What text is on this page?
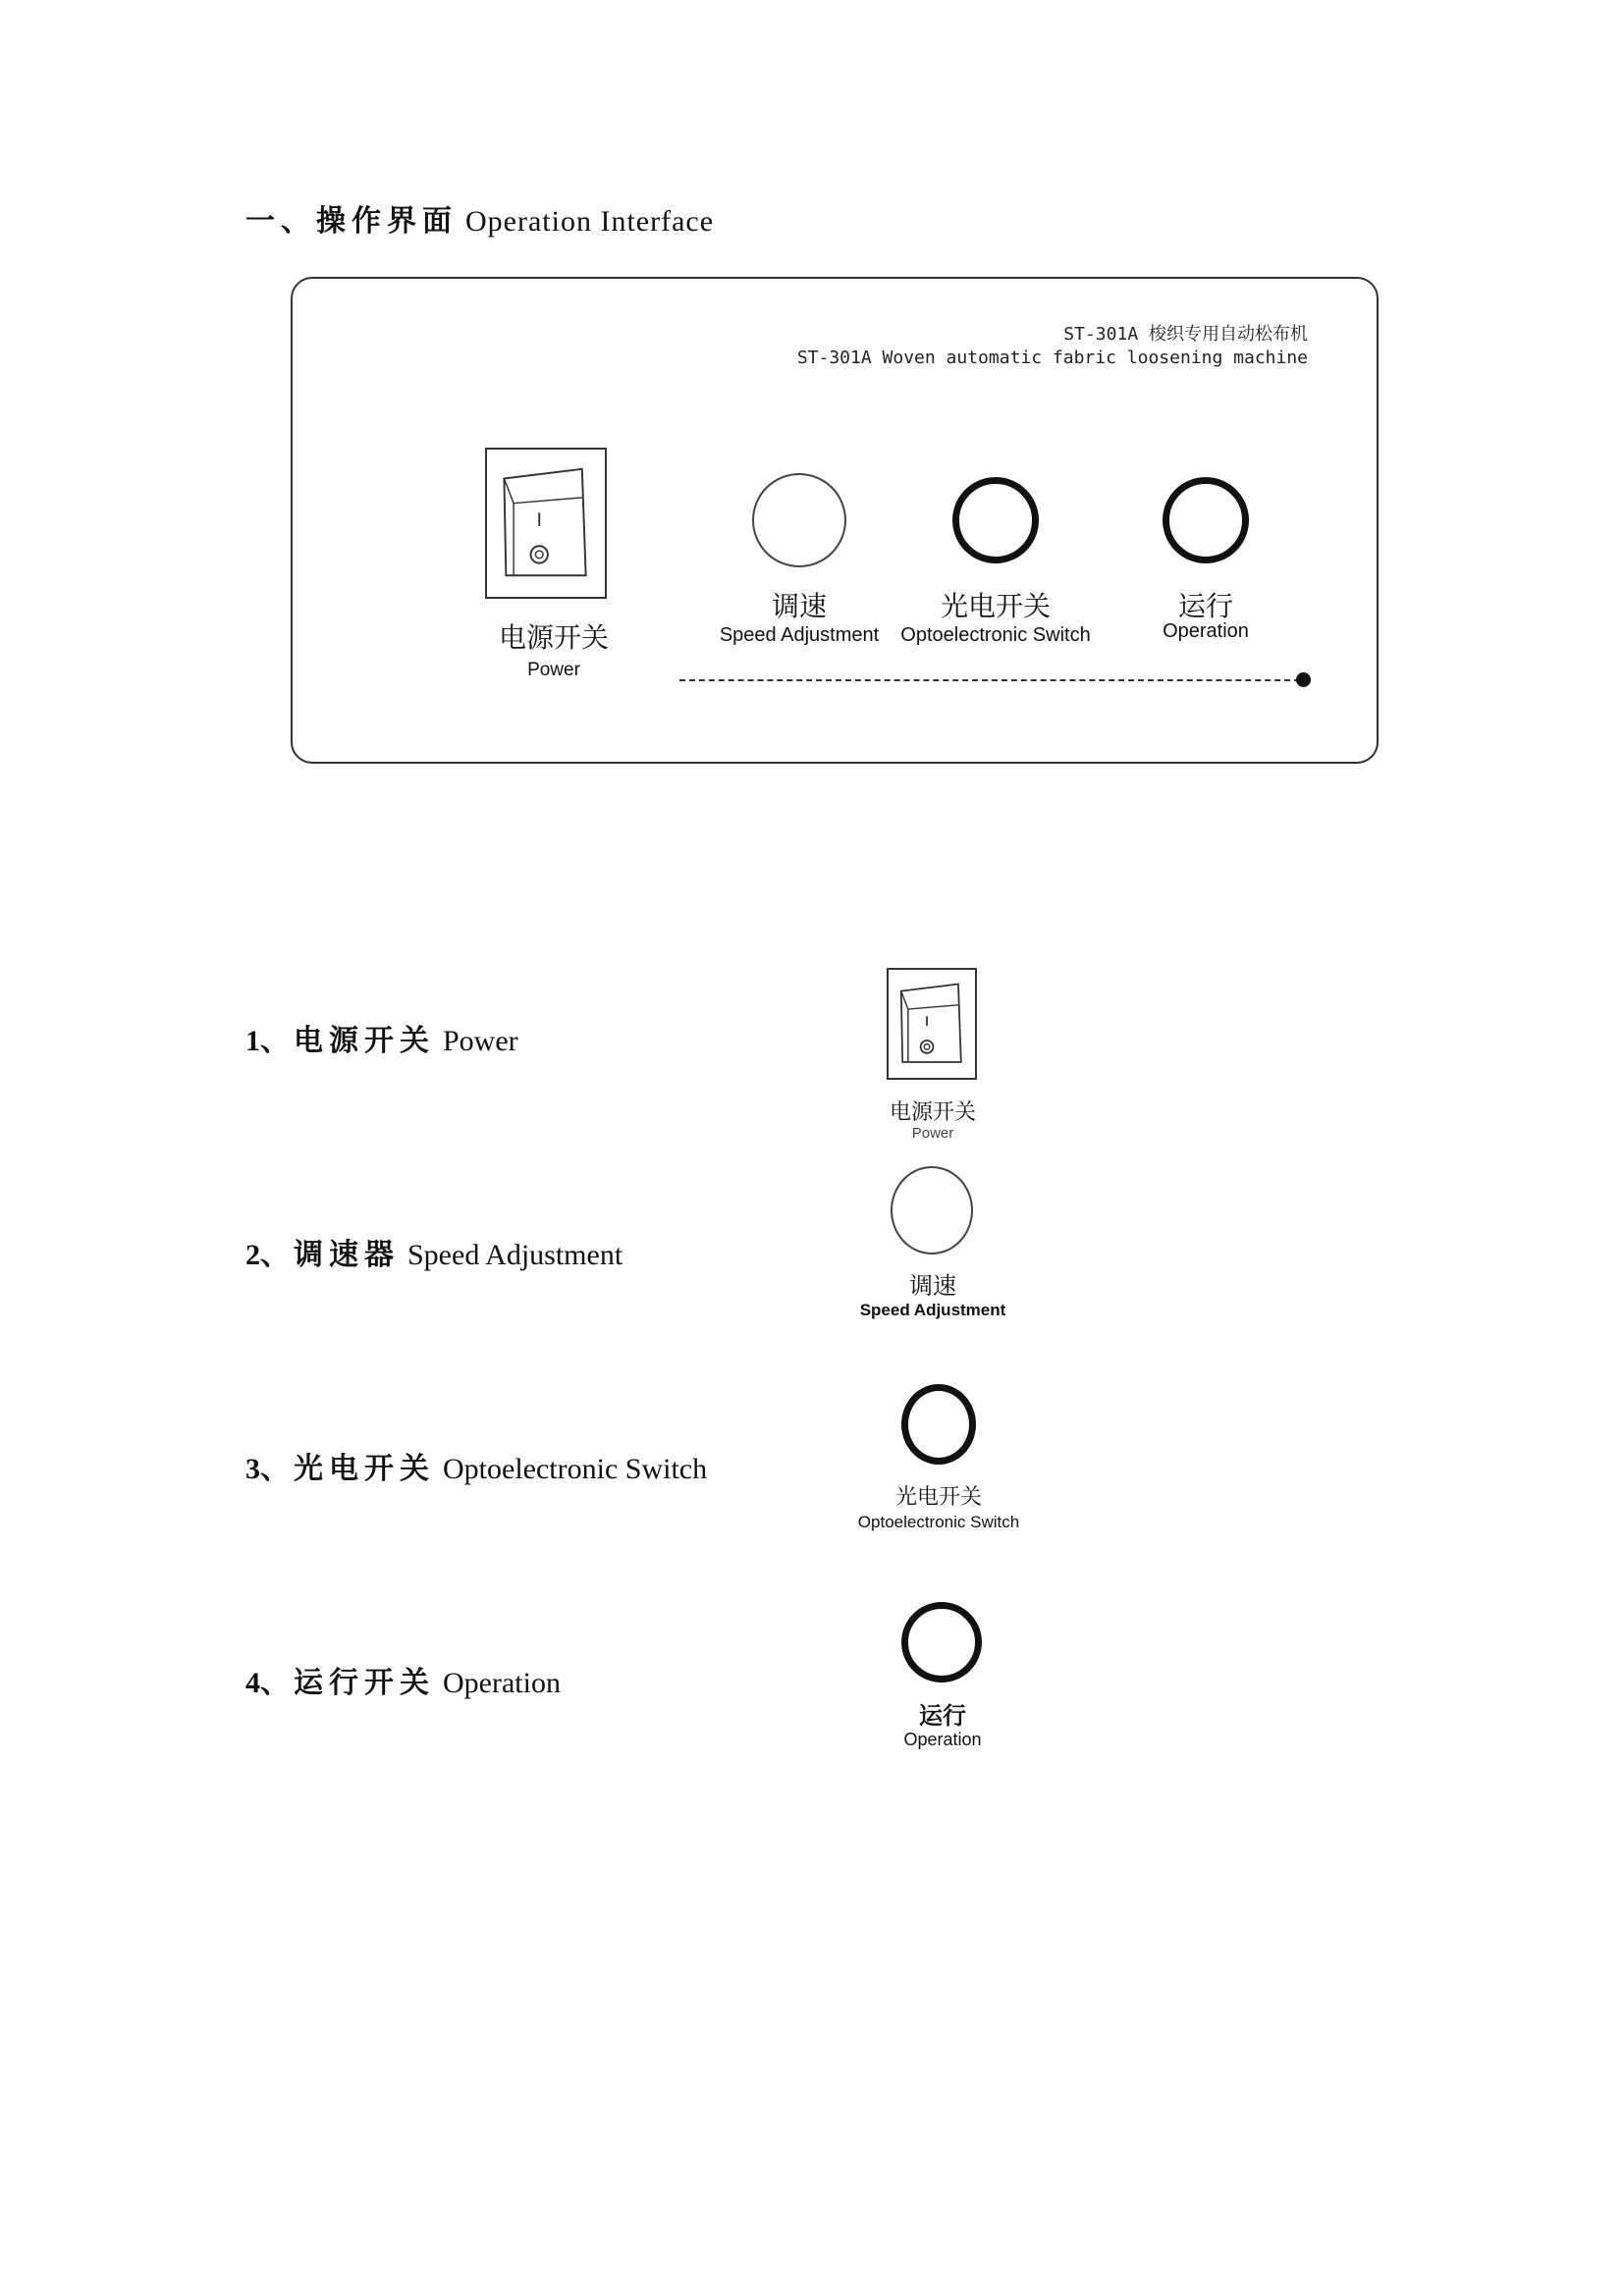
一、操作界面 Operation Interface
ST-301A 梭织专用自动松布机
ST-301A Woven automatic fabric loosening machine
电源开关
Power
调速
Speed Adjustment
光电开关
Optoelectronic Switch
运行
Operation
1、 电源开关 Power
电源开关
Power
2、 调速器 Speed Adjustment
调速
Speed Adjustment
3、 光电开关 Optoelectronic Switch
光电开关
Optoelectronic Switch
4、 运行开关 Operation
运行
Operation
